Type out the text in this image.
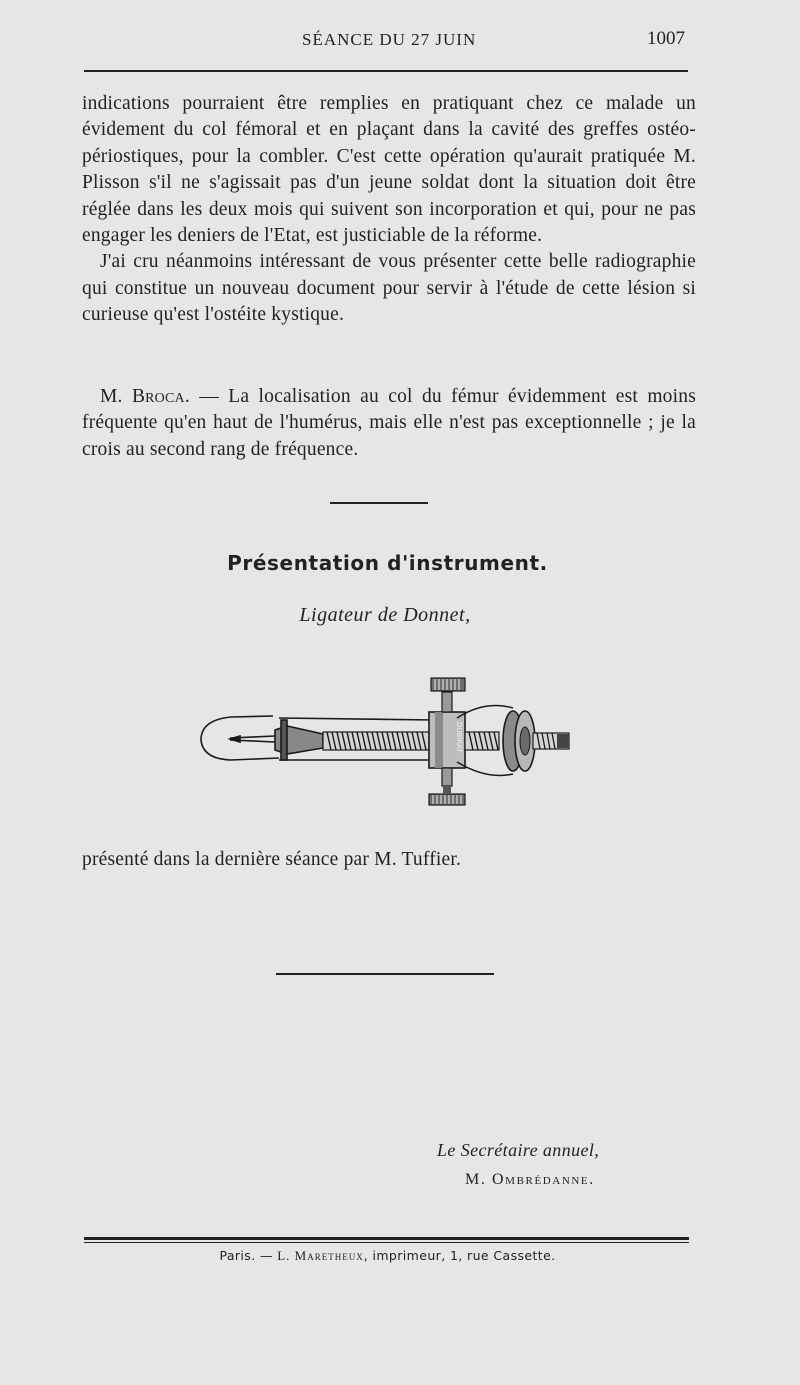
SÉANCE DU 27 JUIN	1007

indications pourraient être remplies en pratiquant chez ce malade un évidement du col fémoral et en plaçant dans la cavité des greffes ostéo-périostiques, pour la combler. C'est cette opération qu'aurait pratiquée M. Plisson s'il ne s'agissait pas d'un jeune soldat dont la situation doit être réglée dans les deux mois qui suivent son incorporation et qui, pour ne pas engager les deniers de l'Etat, est justiciable de la réforme.

J'ai cru néanmoins intéressant de vous présenter cette belle radiographie qui constitue un nouveau document pour servir à l'étude de cette lésion si curieuse qu'est l'ostéite kystique.

M. Broca. — La localisation au col du fémur évidemment est moins fréquente qu'en haut de l'humérus, mais elle n'est pas exceptionnelle ; je la crois au second rang de fréquence.
Présentation d'instrument.
Ligateur de Donnet,
DUBIRAT
présenté dans la dernière séance par M. Tuffier.
Le Secrétaire annuel,
M. Ombrédanne.
Paris. — L. Maretheux, imprimeur, 1, rue Cassette.
